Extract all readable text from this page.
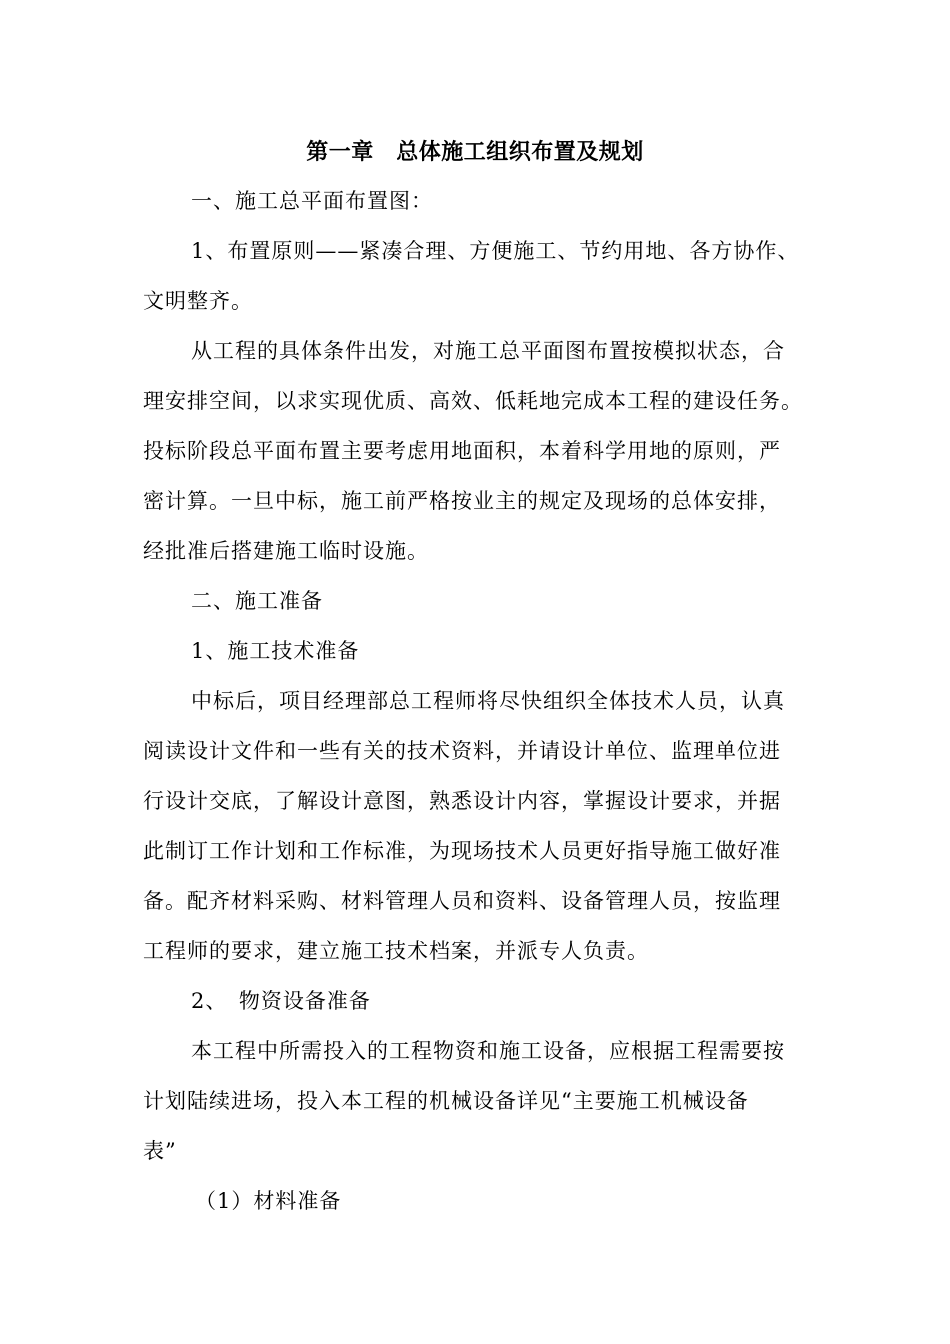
第一章　总体施工组织布置及规划
一、施工总平面布置图：
1、布置原则——紧凑合理、方便施工、节约用地、各方协作、
文明整齐。
从工程的具体条件出发，对施工总平面图布置按模拟状态，合
理安排空间，以求实现优质、高效、低耗地完成本工程的建设任务。
投标阶段总平面布置主要考虑用地面积，本着科学用地的原则，严
密计算。一旦中标，施工前严格按业主的规定及现场的总体安排，
经批准后搭建施工临时设施。
二、施工准备
1、施工技术准备
中标后，项目经理部总工程师将尽快组织全体技术人员，认真
阅读设计文件和一些有关的技术资料，并请设计单位、监理单位进
行设计交底，了解设计意图，熟悉设计内容，掌握设计要求，并据
此制订工作计划和工作标准，为现场技术人员更好指导施工做好准
备。配齐材料采购、材料管理人员和资料、设备管理人员，按监理
工程师的要求，建立施工技术档案，并派专人负责。
2、　物资设备准备
本工程中所需投入的工程物资和施工设备，应根据工程需要按
计划陆续进场，投入本工程的机械设备详见“主要施工机械设备
表”
（1）材料准备
